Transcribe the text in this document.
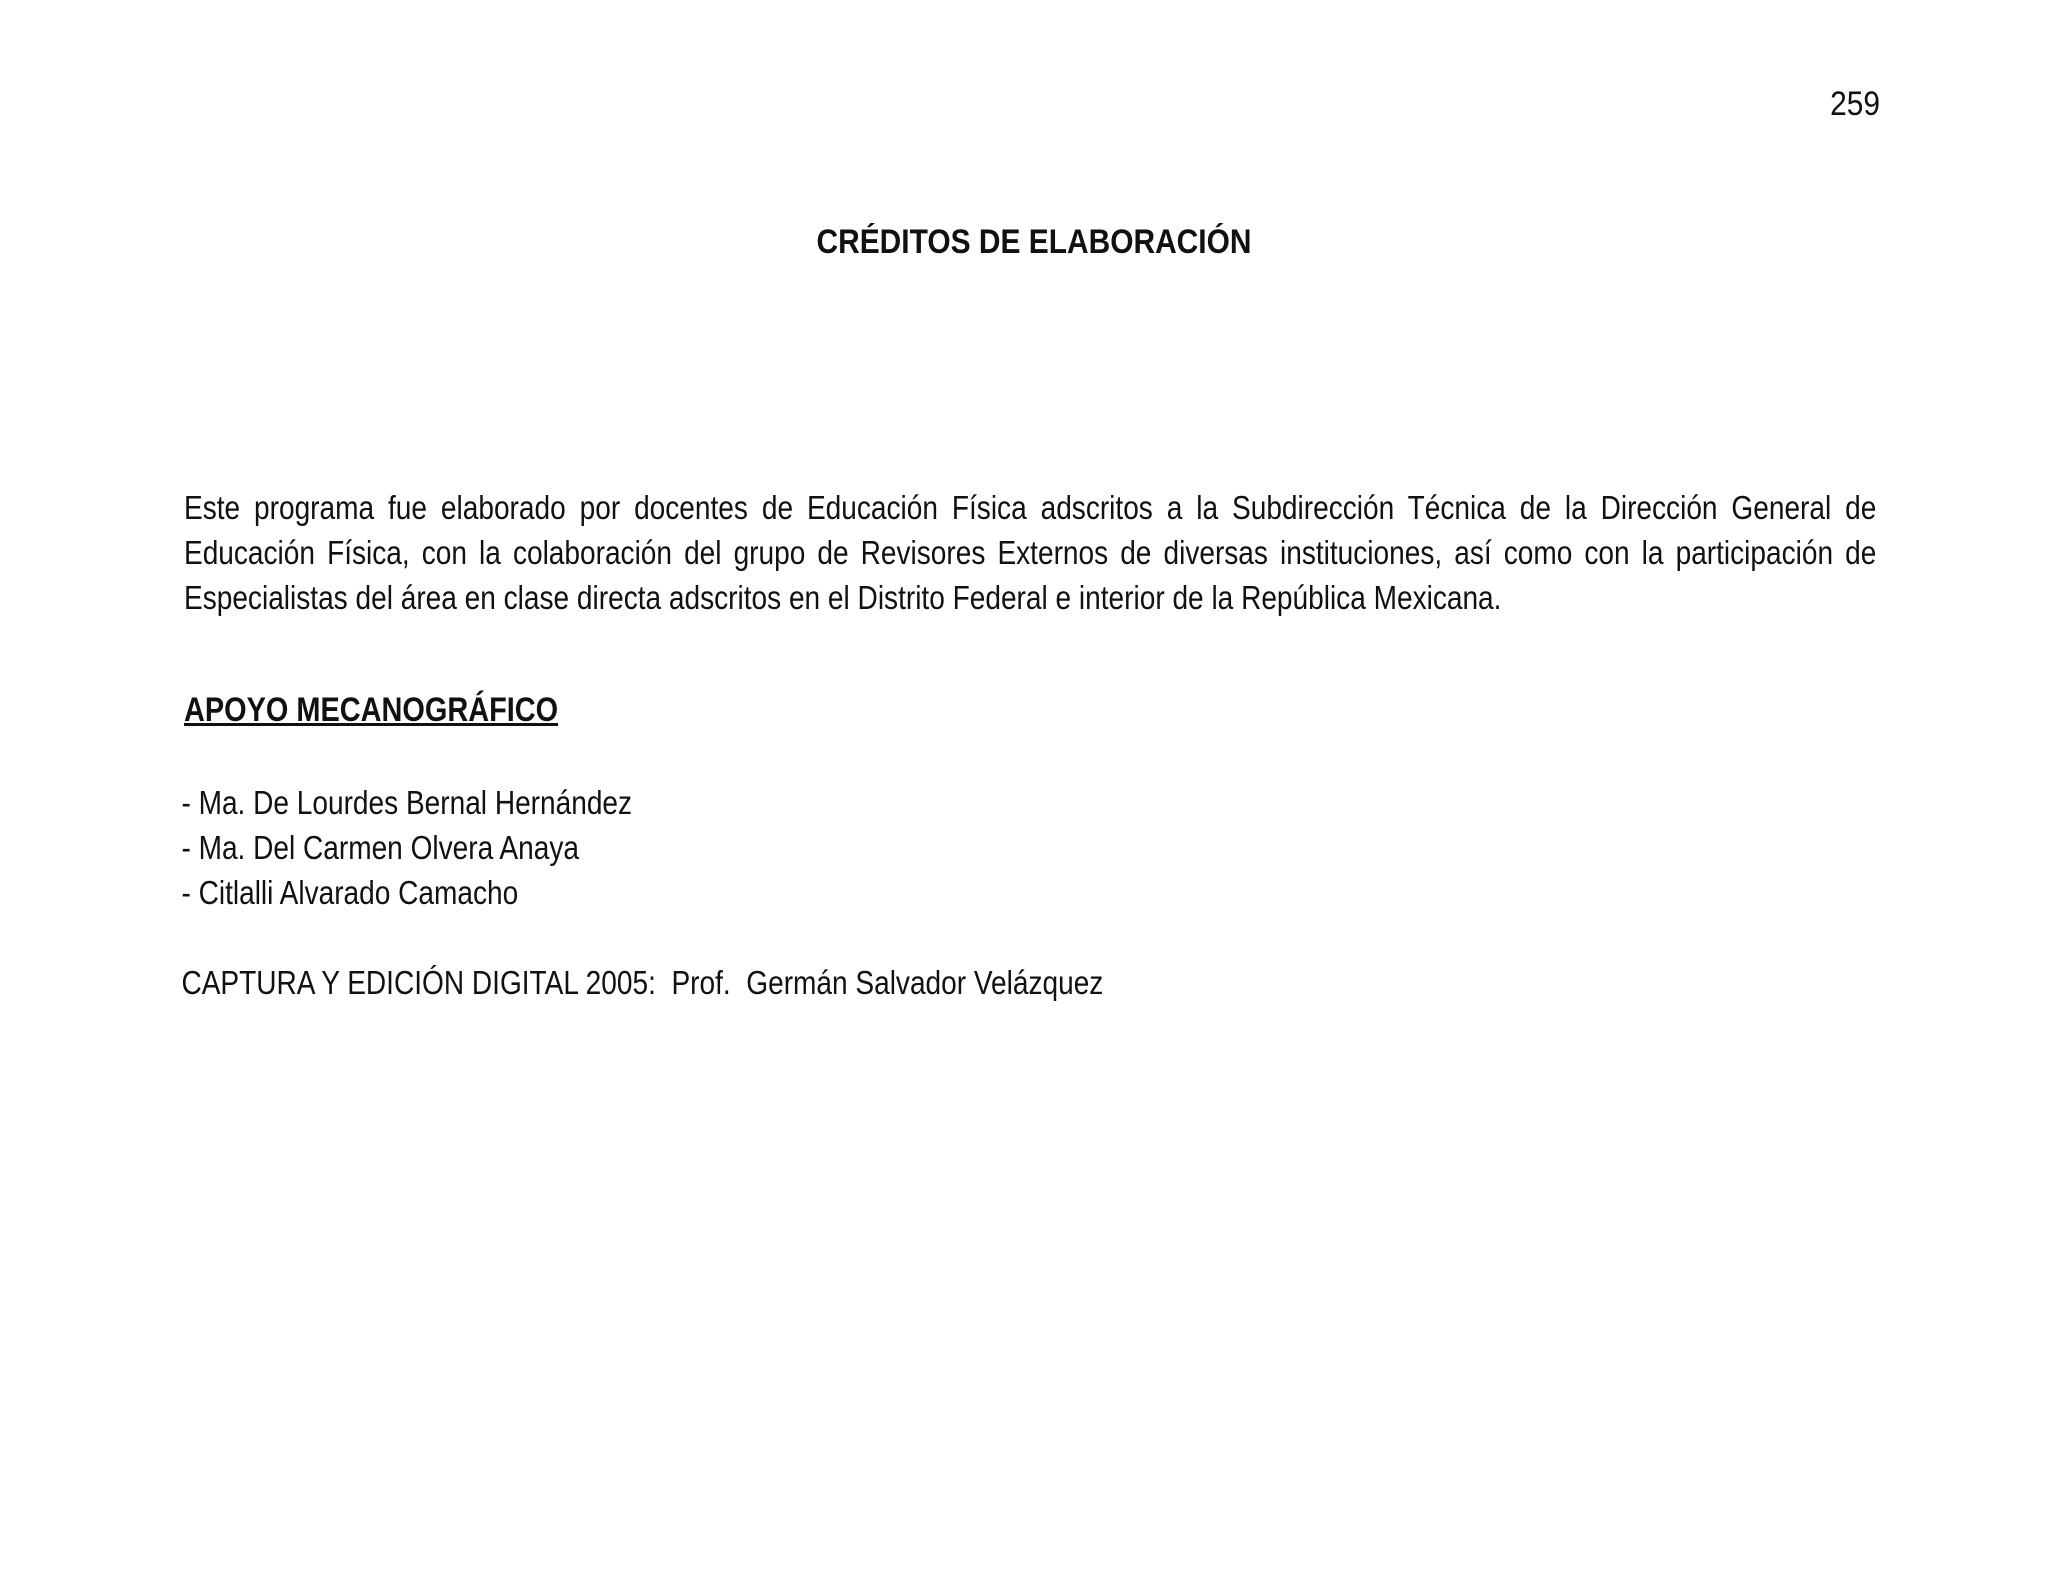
259
CRÉDITOS DE ELABORACIÓN

Este programa fue elaborado por docentes de Educación Física adscritos a la Subdirección Técnica de la Dirección General de Educación Física, con la colaboración del grupo de Revisores Externos de diversas instituciones, así como con la participación de Especialistas del área en clase directa adscritos en el Distrito Federal e interior de la República Mexicana.

APOYO MECANOGRÁFICO
- Ma. De Lourdes Bernal Hernández
- Ma. Del Carmen Olvera Anaya
- Citlalli Alvarado Camacho

CAPTURA Y EDICIÓN DIGITAL 2005:  Prof.  Germán Salvador Velázquez
